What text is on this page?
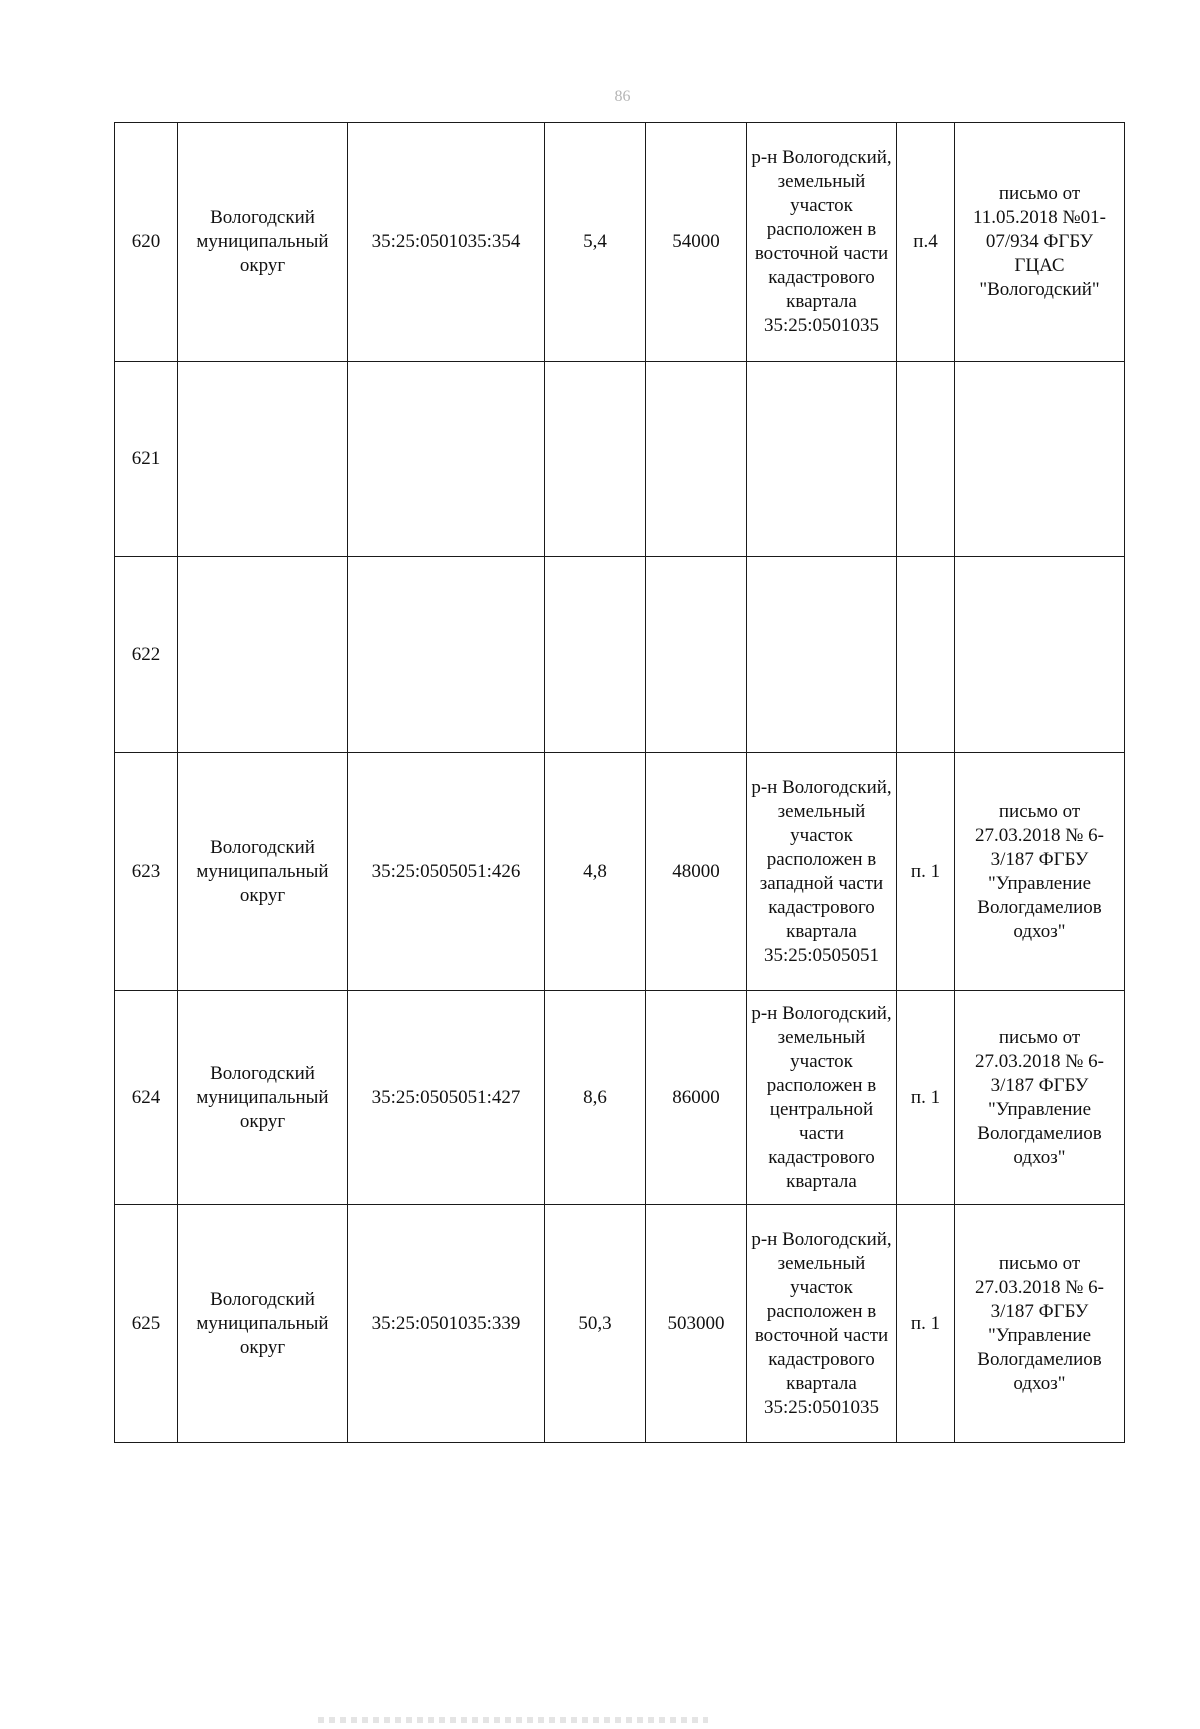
86
620	Вологодский муниципальный округ	35:25:0501035:354	5,4	54000	р-н Вологодский, земельный участок расположен в восточной части кадастрового квартала 35:25:0501035	п.4	письмо от 11.05.2018 №01-07/934 ФГБУ ГЦАС "Вологодский"
621							
622							
623	Вологодский муниципальный округ	35:25:0505051:426	4,8	48000	р-н Вологодский, земельный участок расположен в западной части кадастрового квартала 35:25:0505051	п. 1	письмо от 27.03.2018 № 6-3/187 ФГБУ "Управление Вологдамелиов одхоз"
624	Вологодский муниципальный округ	35:25:0505051:427	8,6	86000	р-н Вологодский, земельный участок расположен в центральной части кадастрового квартала	п. 1	письмо от 27.03.2018 № 6-3/187 ФГБУ "Управление Вологдамелиов одхоз"
625	Вологодский муниципальный округ	35:25:0501035:339	50,3	503000	р-н Вологодский, земельный участок расположен в восточной части кадастрового квартала 35:25:0501035	п. 1	письмо от 27.03.2018 № 6-3/187 ФГБУ "Управление Вологдамелиов одхоз"
